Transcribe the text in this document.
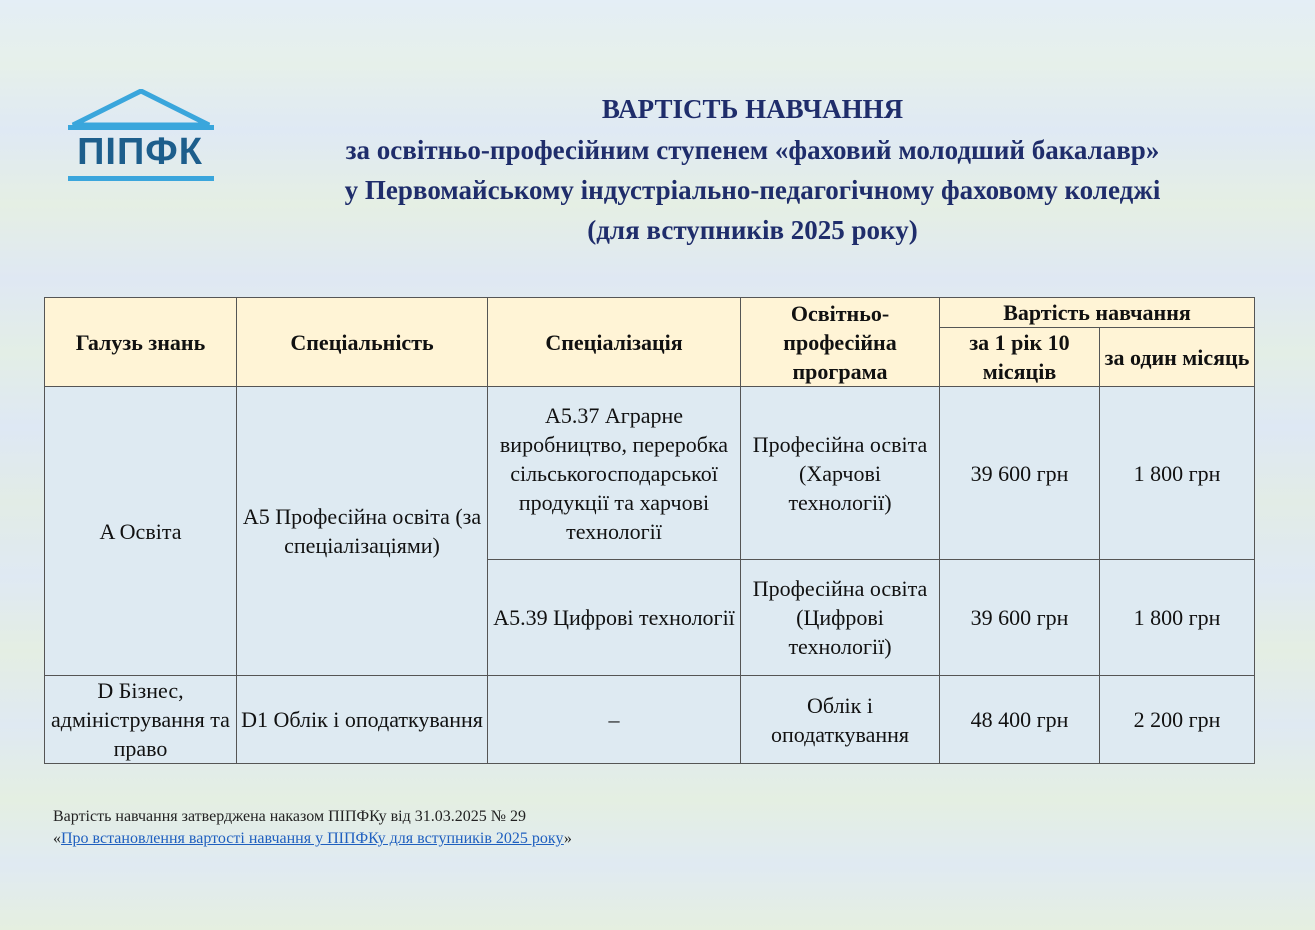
ПІПФК
ВАРТІСТЬ НАВЧАННЯ
за освітньо-професійним ступенем «фаховий молодший бакалавр»
у Первомайському індустріально-педагогічному фаховому коледжі
(для вступників 2025 року)
Галузь знань	Спеціальність	Спеціалізація	Освітньо-професійна програма	Вартість навчання	
				за 1 рік 10 місяців	за один місяць
A Освіта	A5 Професійна освіта (за спеціалізаціями)	A5.37 Аграрне виробництво, переробка сільськогосподарської продукції та харчові технології	Професійна освіта (Харчові технології)	39 600 грн	1 800 грн
		A5.39 Цифрові технології	Професійна освіта (Цифрові технології)	39 600 грн	1 800 грн
D Бізнес, адміністрування та право	D1 Облік і оподаткування	–	Облік і оподаткування	48 400 грн	2 200 грн
Вартість навчання затверджена наказом ПІПФКу від 31.03.2025 № 29
«Про встановлення вартості навчання у ПІПФКу для вступників 2025 року»
